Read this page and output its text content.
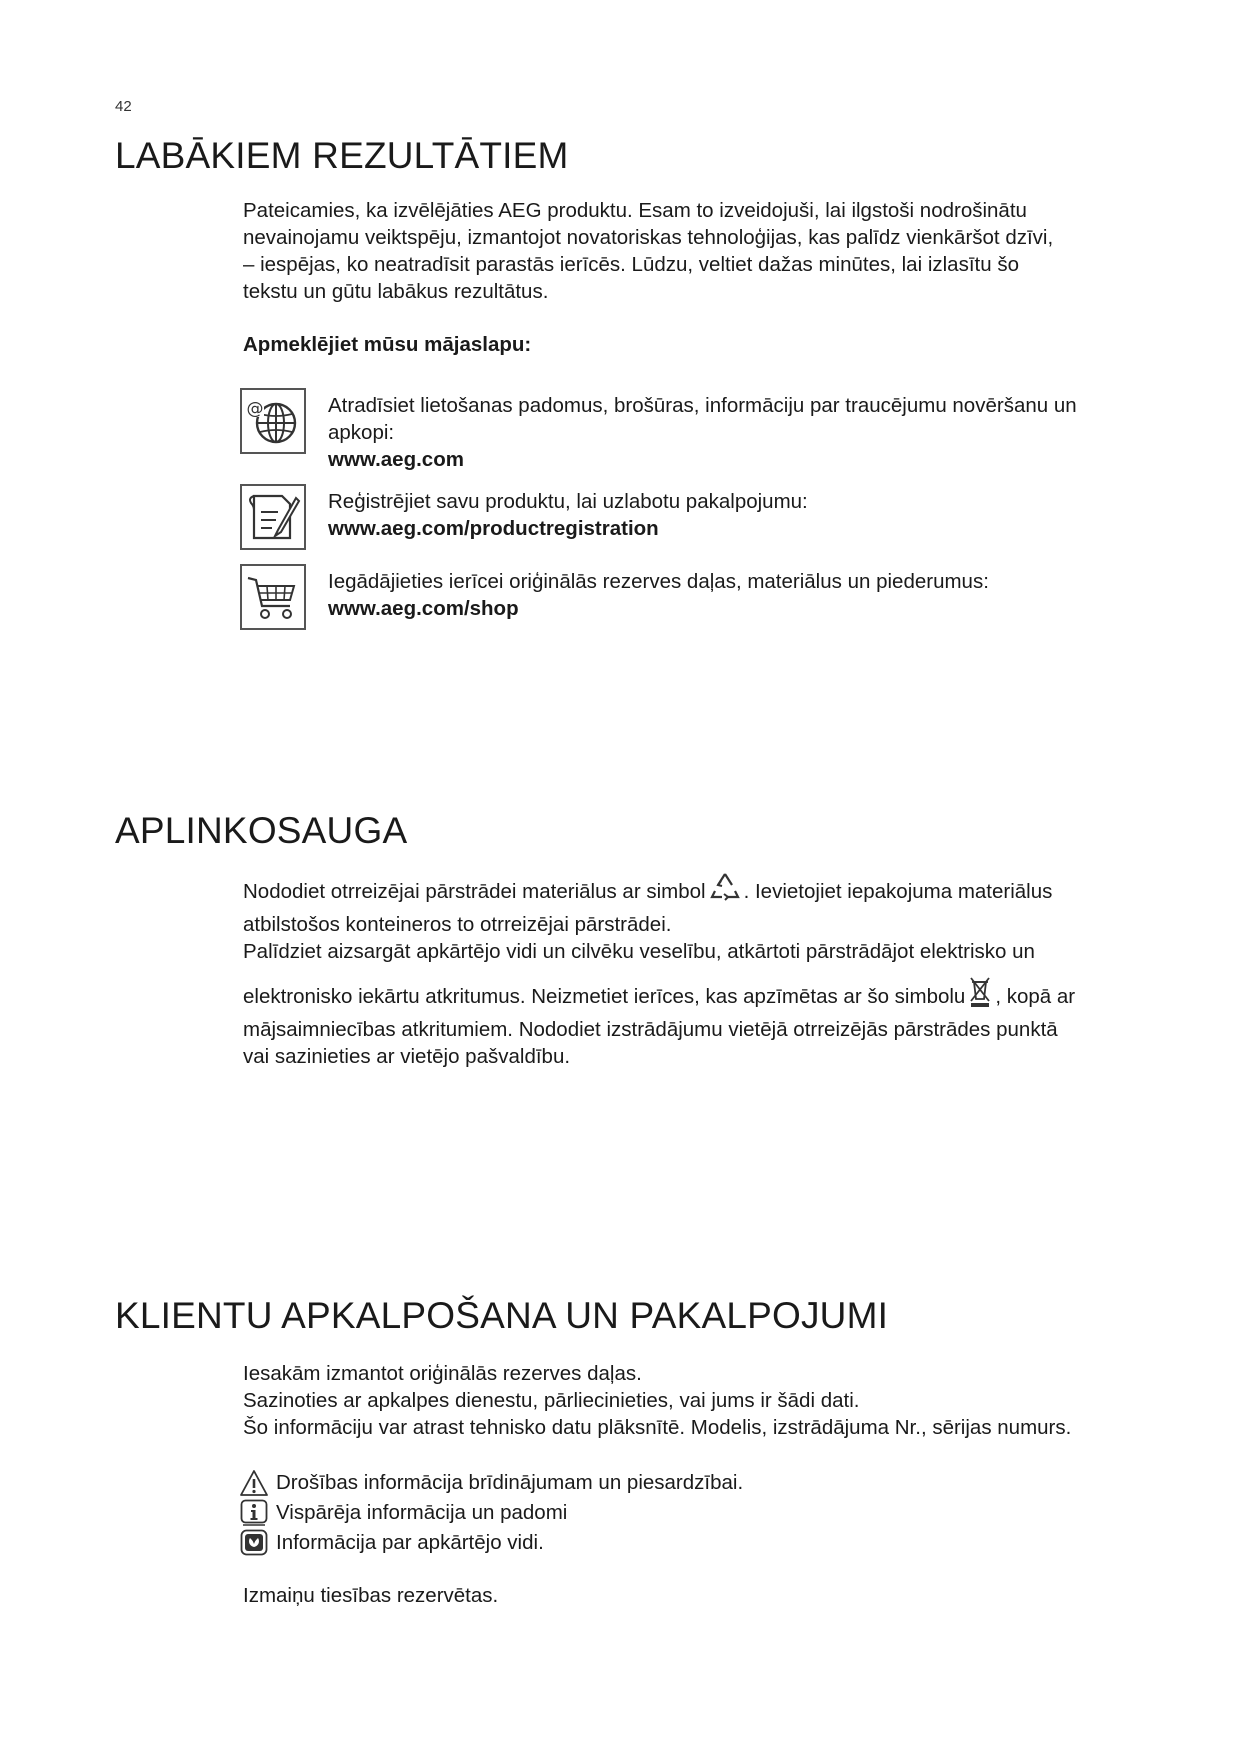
42
LABĀKIEM REZULTĀTIEM

Pateicamies, ka izvēlējāties AEG produktu. Esam to izveidojuši, lai ilgstoši nodrošinātu
nevainojamu veiktspēju, izmantojot novatoriskas tehnoloģijas, kas palīdz vienkāršot dzīvi,
– iespējas, ko neatradīsit parastās ierīcēs. Lūdzu, veltiet dažas minūtes, lai izlasītu šo
tekstu un gūtu labākus rezultātus.

Apmeklējiet mūsu mājaslapu:

@	Atradīsiet lietošanas padomus, brošūras, informāciju par traucējumu novēršanu un
apkopi:
www.aeg.com
Reģistrējiet savu produktu, lai uzlabotu pakalpojumu:
www.aeg.com/productregistration
Iegādājieties ierīcei oriģinālās rezerves daļas, materiālus un piederumus:
www.aeg.com/shop
APLINKOSAUGA
Nododiet otrreizējai pārstrādei materiālus ar simbol . Ievietojiet iepakojuma materiālus
atbilstošos konteineros to otrreizējai pārstrādei.
Palīdziet aizsargāt apkārtējo vidi un cilvēku veselību, atkārtoti pārstrādājot elektrisko un

elektronisko iekārtu atkritumus. Neizmetiet ierīces, kas apzīmētas ar šo simbolu , kopā ar
mājsaimniecības atkritumiem. Nododiet izstrādājumu vietējā otrreizējās pārstrādes punktā
vai sazinieties ar vietējo pašvaldību.
KLIENTU APKALPOŠANA UN PAKALPOJUMI

Iesakām izmantot oriģinālās rezerves daļas.
Sazinoties ar apkalpes dienestu, pārliecinieties, vai jums ir šādi dati.
Šo informāciju var atrast tehnisko datu plāksnītē. Modelis, izstrādājuma Nr., sērijas numurs.

Drošības informācija brīdinājumam un piesardzībai.
Vispārēja informācija un padomi
Informācija par apkārtējo vidi.

Izmaiņu tiesības rezervētas.
